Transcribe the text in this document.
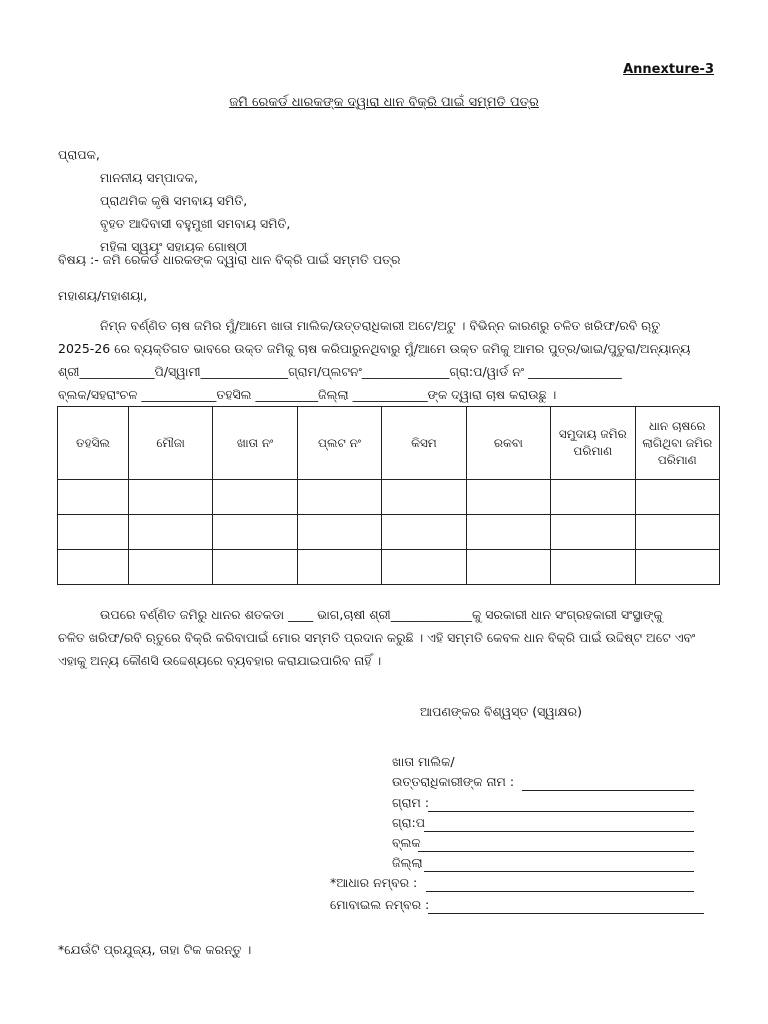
Annexture-3
ଜମି ରେକର୍ଡ ଧାରକଙ୍କ ଦ୍ୱାରା ଧାନ ବିକ୍ରି ପାଇଁ ସମ୍ମତି ପତ୍ର
ପ୍ରାପକ,
ମାନନୀୟ ସମ୍ପାଦକ,
ପ୍ରାଥମିକ କୃଷି ସମବାୟ ସମିତି,
ବୃହତ ଆଦିବାସୀ ବହୁମୁଖୀ ସମବାୟ ସମିତି,
ମହିଳା ସ୍ୱୟଂ ସହାୟକ ଗୋଷ୍ଠୀ
ବିଷୟ :- ଜମି ରେକର୍ଡ ଧାରକଙ୍କ ଦ୍ୱାରା ଧାନ ବିକ୍ରି ପାଇଁ ସମ୍ମତି ପତ୍ର
ମହାଶୟ/ମହାଶୟା,
ନିମ୍ନ ବର୍ଣ୍ଣିତ ଚାଷ ଜମିର ମୁଁ/ଆମେ ଖାତା ମାଲିକ/ଉତ୍ତରାଧିକାରୀ ଅଟେ/ଅଟୁ । ବିଭିନ୍ନ କାରଣରୁ ଚଳିତ ଖରିଫ/ରବି ଋତୁ
2025-26 ରେ ବ୍ୟକ୍ତିଗତ ଭାବରେ ଉକ୍ତ ଜମିକୁ ଚାଷ କରିପାରୁନଥିବାରୁ ମୁଁ/ଆମେ ଉକ୍ତ ଜମିକୁ ଆମର ପୁତ୍ର/ଭାଇ/ପୁତୁରା/ଅନ୍ୟାନ୍ୟ
ଶ୍ରୀ____________ପି/ସ୍ୱାମୀ______________ଗ୍ରାମ/ପ୍ଲଟନଂ______________ଗ୍ରା:ପ/ୱାର୍ଡ ନଂ _______________
ବ୍ଲକ/ସହରାଂଚଳ ____________ତହସିଲ __________ଜିଲ୍ଲା ____________ଙ୍କ ଦ୍ୱାରା ଚାଷ କରାଉଛୁ ।
ତହସିଲ	ମୌଜା	ଖାତା ନଂ	ପ୍ଲଟ ନଂ	କିସମ	ରକବା	ସମୁଦାୟ ଜମିର ପରିମାଣ	ଧାନ ଚାଷରେ ଲାଗିଥିବା ଜମିର ପରିମାଣ

ଉପରେ ବର୍ଣ୍ଣିତ ଜମିରୁ ଧାନର ଶତକଡା ____ ଭାଗ,ଚାଷୀ ଶ୍ରୀ_____________କୁ ସରକାରୀ ଧାନ ସଂଗ୍ରହକାରୀ ସଂସ୍ଥାଙ୍କୁ
ଚଳିତ ଖରିଫ/ରବି ଋତୁରେ ବିକ୍ରି କରିବାପାଇଁ ମୋର ସମ୍ମତି ପ୍ରଦାନ କରୁଛି । ଏହି ସମ୍ମତି କେବଳ ଧାନ ବିକ୍ରି ପାଇଁ ଉଦ୍ଦିଷ୍ଟ ଅଟେ ଏବଂ
ଏହାକୁ ଅନ୍ୟ କୌଣସି ଉଦ୍ଦେଶ୍ୟରେ ବ୍ୟବହାର କରାଯାଇପାରିବ ନାହିଁ ।
ଆପଣଙ୍କର ବିଶ୍ୱସ୍ତ (ସ୍ୱାକ୍ଷର)
ଖାତା ମାଲିକ/
ଉତ୍ତରାଧିକାରୀଙ୍କ ନାମ :
ଗ୍ରାମ :
ଗ୍ରା:ପ
ବ୍ଲକ
ଜିଲ୍ଲା
*ଆଧାର ନମ୍ବର :
ମୋବାଇଲ ନମ୍ବର :
*ଯେଉଁଟି ପ୍ରଯୁଜ୍ୟ, ତାହା ଟିକ କରନ୍ତୁ ।
